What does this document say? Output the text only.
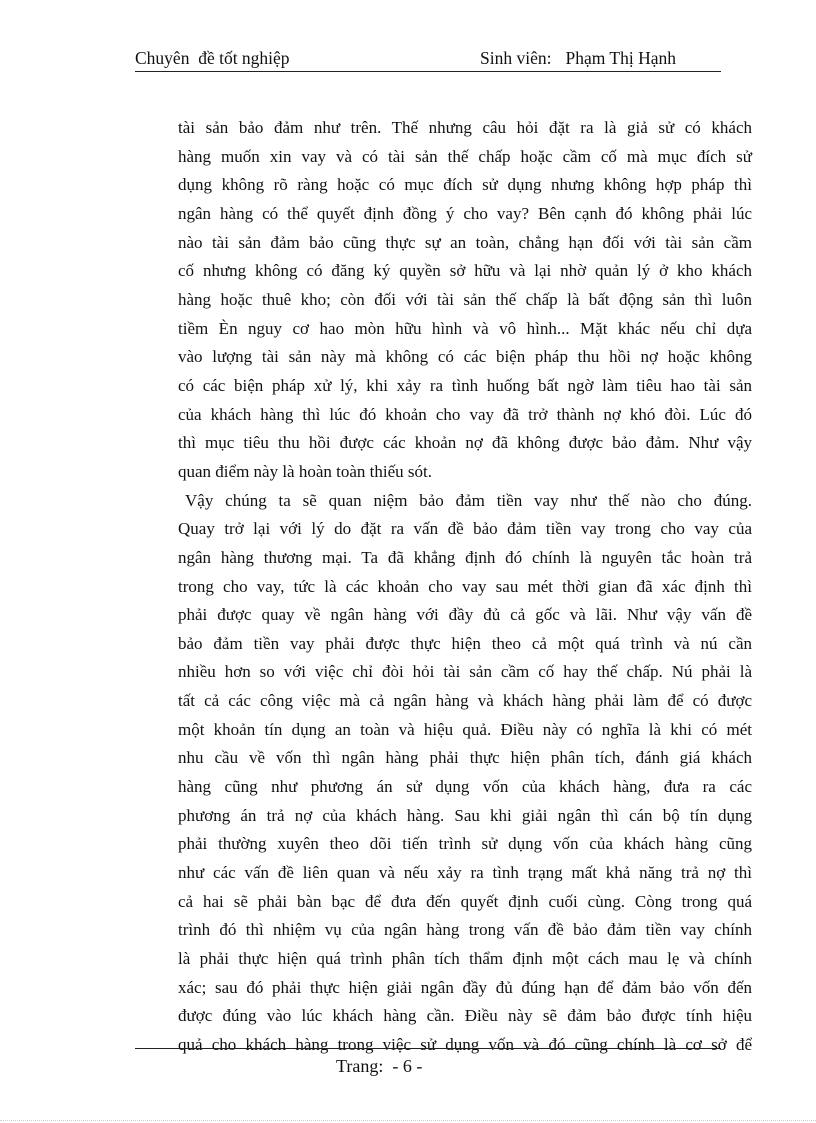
Chuyên  đề tốt nghiệp	Sinh viên: Phạm Thị Hạnh
tài sản bảo đảm như trên. Thế nhưng câu hỏi đặt ra là giả sử có khách
hàng muốn xin vay và có tài sản thế chấp hoặc cầm cố mà mục đích sử
dụng không rõ ràng hoặc có mục đích sử dụng nhưng không hợp pháp thì
ngân hàng có thể quyết định đồng ý cho vay? Bên cạnh đó không phải lúc
nào tài sản đảm bảo cũng thực sự an toàn, chẳng hạn đối với tài sản cầm
cố nhưng không có đăng ký quyền sở hữu và lại nhờ quản lý ở kho khách
hàng hoặc thuê kho; còn đối với tài sản thế chấp là bất động sản thì luôn
tiềm Èn nguy cơ hao mòn hữu hình và vô hình... Mặt khác nếu chỉ dựa
vào lượng tài sản này mà không có các biện pháp thu hồi nợ hoặc không
có các biện pháp xử lý, khi xảy ra tình huống bất ngờ làm tiêu hao tài sản
của khách hàng thì lúc đó khoản cho vay đã trở thành nợ khó đòi. Lúc đó
thì mục tiêu thu hồi được các khoản nợ đã không được bảo đảm. Như vậy
quan điểm này là hoàn toàn thiếu sót.
Vậy chúng ta sẽ quan niệm bảo đảm tiền vay như thế nào cho đúng.
Quay trở lại với lý do đặt ra vấn đề bảo đảm tiền vay trong cho vay của
ngân hàng thương mại. Ta đã khẳng định đó chính là nguyên tắc hoàn trả
trong cho vay, tức là các khoản cho vay sau mét thời gian đã xác định thì
phải được quay về ngân hàng với đầy đủ cả gốc và lãi. Như vậy vấn đề
bảo đảm tiền vay phải được thực hiện theo cả một quá trình và nú cần
nhiều hơn so với việc chỉ đòi hỏi tài sản cầm cố hay thế chấp. Nú phải là
tất cả các công việc mà cả ngân hàng và khách hàng phải làm để có được
một khoản tín dụng an toàn và hiệu quả. Điều này có nghĩa là khi có mét
nhu cầu về vốn thì ngân hàng phải thực hiện phân tích, đánh giá khách
hàng cũng như phương án sử dụng vốn của khách hàng, đưa ra các
phương án trả nợ của khách hàng. Sau khi giải ngân thì cán bộ tín dụng
phải thường xuyên theo dõi tiến trình sử dụng vốn của khách hàng cũng
như các vấn đề liên quan và nếu xảy ra tình trạng mất khả năng trả nợ thì
cả hai sẽ phải bàn bạc để đưa đến quyết định cuối cùng. Còng trong quá
trình đó thì nhiệm vụ của ngân hàng trong vấn đề bảo đảm tiền vay chính
là phải thực hiện quá trình phân tích thẩm định một cách mau lẹ và chính
xác; sau đó phải thực hiện giải ngân đầy đủ đúng hạn để đảm bảo vốn đến
được đúng vào lúc khách hàng cần. Điều này sẽ đảm bảo được tính hiệu
quả cho khách hàng trong việc sử dụng vốn và đó cũng chính là cơ sở để
Trang: - 6 -
